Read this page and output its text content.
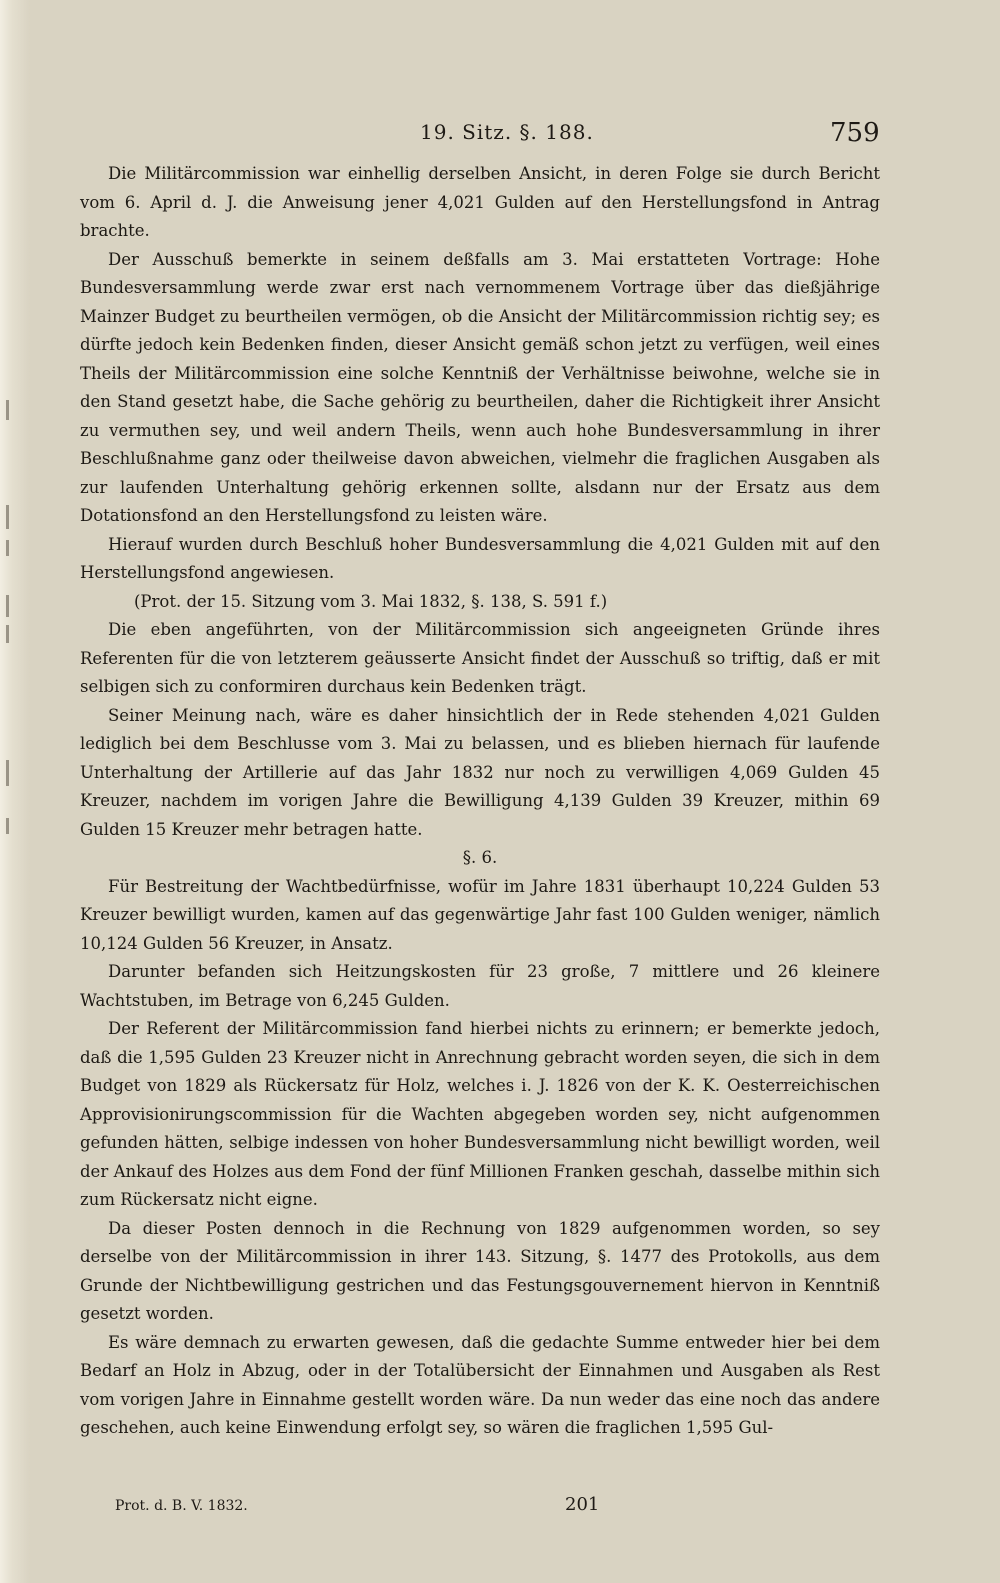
19. Sitz. §. 188.	759

Die Militärcommission war einhellig derselben Ansicht, in deren Folge sie durch Bericht vom 6. April d. J. die Anweisung jener 4,021 Gulden auf den Herstellungsfond in Antrag brachte.

Der Ausschuß bemerkte in seinem deßfalls am 3. Mai erstatteten Vortrage: Hohe Bundesversammlung werde zwar erst nach vernommenem Vortrage über das dießjährige Mainzer Budget zu beurtheilen vermögen, ob die Ansicht der Militärcommission richtig sey; es dürfte jedoch kein Bedenken finden, dieser Ansicht gemäß schon jetzt zu verfügen, weil eines Theils der Militärcommission eine solche Kenntniß der Verhältnisse beiwohne, welche sie in den Stand gesetzt habe, die Sache gehörig zu beurtheilen, daher die Richtigkeit ihrer Ansicht zu vermuthen sey, und weil andern Theils, wenn auch hohe Bundesversammlung in ihrer Beschlußnahme ganz oder theilweise davon abweichen, vielmehr die fraglichen Ausgaben als zur laufenden Unterhaltung gehörig erkennen sollte, alsdann nur der Ersatz aus dem Dotationsfond an den Herstellungsfond zu leisten wäre.

Hierauf wurden durch Beschluß hoher Bundesversammlung die 4,021 Gulden mit auf den Herstellungsfond angewiesen.

(Prot. der 15. Sitzung vom 3. Mai 1832, §. 138, S. 591 f.)

Die eben angeführten, von der Militärcommission sich angeeigneten Gründe ihres Referenten für die von letzterem geäusserte Ansicht findet der Ausschuß so triftig, daß er mit selbigen sich zu conformiren durchaus kein Bedenken trägt.

Seiner Meinung nach, wäre es daher hinsichtlich der in Rede stehenden 4,021 Gulden lediglich bei dem Beschlusse vom 3. Mai zu belassen, und es blieben hiernach für laufende Unterhaltung der Artillerie auf das Jahr 1832 nur noch zu verwilligen 4,069 Gulden 45 Kreuzer, nachdem im vorigen Jahre die Bewilligung 4,139 Gulden 39 Kreuzer, mithin 69 Gulden 15 Kreuzer mehr betragen hatte.

§. 6.

Für Bestreitung der Wachtbedürfnisse, wofür im Jahre 1831 überhaupt 10,224 Gulden 53 Kreuzer bewilligt wurden, kamen auf das gegenwärtige Jahr fast 100 Gulden weniger, nämlich 10,124 Gulden 56 Kreuzer, in Ansatz.

Darunter befanden sich Heitzungskosten für 23 große, 7 mittlere und 26 kleinere Wachtstuben, im Betrage von 6,245 Gulden.

Der Referent der Militärcommission fand hierbei nichts zu erinnern; er bemerkte jedoch, daß die 1,595 Gulden 23 Kreuzer nicht in Anrechnung gebracht worden seyen, die sich in dem Budget von 1829 als Rückersatz für Holz, welches i. J. 1826 von der K. K. Oesterreichischen Approvisionirungscommission für die Wachten abgegeben worden sey, nicht aufgenommen gefunden hätten, selbige indessen von hoher Bundesversammlung nicht bewilligt worden, weil der Ankauf des Holzes aus dem Fond der fünf Millionen Franken geschah, dasselbe mithin sich zum Rückersatz nicht eigne.

Da dieser Posten dennoch in die Rechnung von 1829 aufgenommen worden, so sey derselbe von der Militärcommission in ihrer 143. Sitzung, §. 1477 des Protokolls, aus dem Grunde der Nichtbewilligung gestrichen und das Festungsgouvernement hiervon in Kenntniß gesetzt worden.

Es wäre demnach zu erwarten gewesen, daß die gedachte Summe entweder hier bei dem Bedarf an Holz in Abzug, oder in der Totalübersicht der Einnahmen und Ausgaben als Rest vom vorigen Jahre in Einnahme gestellt worden wäre. Da nun weder das eine noch das andere geschehen, auch keine Einwendung erfolgt sey, so wären die fraglichen 1,595 Gul-

Prot. d. B. V. 1832.	201
